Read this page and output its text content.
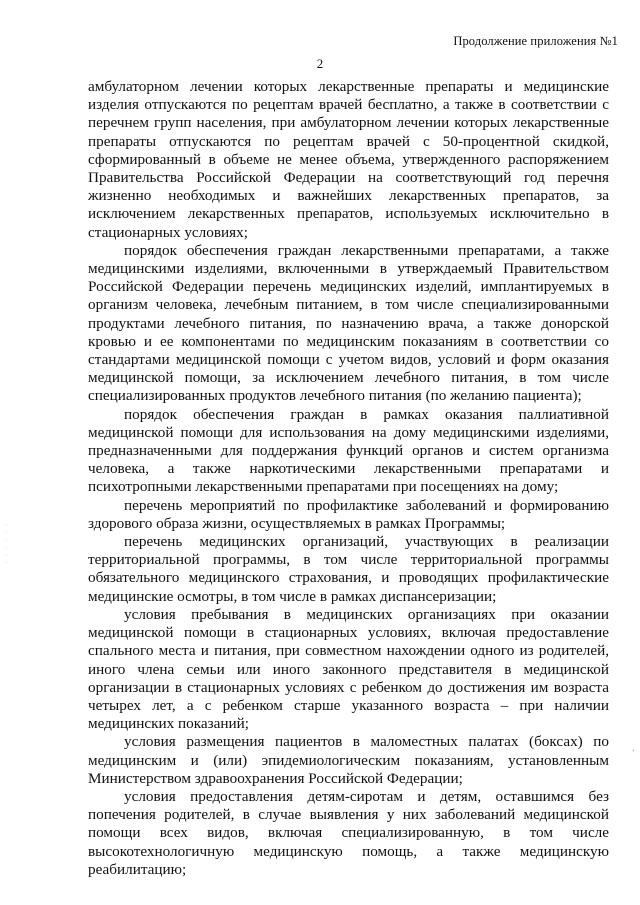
Продолжение приложения №1
2

амбулаторном лечении которых лекарственные препараты и медицинские изделия отпускаются по рецептам врачей бесплатно, а также в соответствии с перечнем групп населения, при амбулаторном лечении которых лекарственные препараты отпускаются по рецептам врачей с 50-процентной скидкой, сформированный в объеме не менее объема, утвержденного распоряжением Правительства Российской Федерации на соответствующий год перечня жизненно необходимых и важнейших лекарственных препаратов, за исключением лекарственных препаратов, используемых исключительно в стационарных условиях;

порядок обеспечения граждан лекарственными препаратами, а также медицинскими изделиями, включенными в утверждаемый Правительством Российской Федерации перечень медицинских изделий, имплантируемых в организм человека, лечебным питанием, в том числе специализированными продуктами лечебного питания, по назначению врача, а также донорской кровью и ее компонентами по медицинским показаниям в соответствии со стандартами медицинской помощи с учетом видов, условий и форм оказания медицинской помощи, за исключением лечебного питания, в том числе специализированных продуктов лечебного питания (по желанию пациента);

порядок обеспечения граждан в рамках оказания паллиативной медицинской помощи для использования на дому медицинскими изделиями, предназначенными для поддержания функций органов и систем организма человека, а также наркотическими лекарственными препаратами и психотропными лекарственными препаратами при посещениях на дому;

перечень мероприятий по профилактике заболеваний и формированию здорового образа жизни, осуществляемых в рамках Программы;

перечень медицинских организаций, участвующих в реализации территориальной программы, в том числе территориальной программы обязательного медицинского страхования, и проводящих профилактические медицинские осмотры, в том числе в рамках диспансеризации;

условия пребывания в медицинских организациях при оказании медицинской помощи в стационарных условиях, включая предоставление спального места и питания, при совместном нахождении одного из родителей, иного члена семьи или иного законного представителя в медицинской организации в стационарных условиях с ребенком до достижения им возраста четырех лет, а с ребенком старше указанного возраста – при наличии медицинских показаний;

условия размещения пациентов в маломестных палатах (боксах) по медицинским и (или) эпидемиологическим показаниям, установленным Министерством здравоохранения Российской Федерации;

условия предоставления детям-сиротам и детям, оставшимся без попечения родителей, в случае выявления у них заболеваний медицинской помощи всех видов, включая специализированную, в том числе высокотехнологичную медицинскую помощь, а также медицинскую реабилитацию;

· · · · · ·
'
